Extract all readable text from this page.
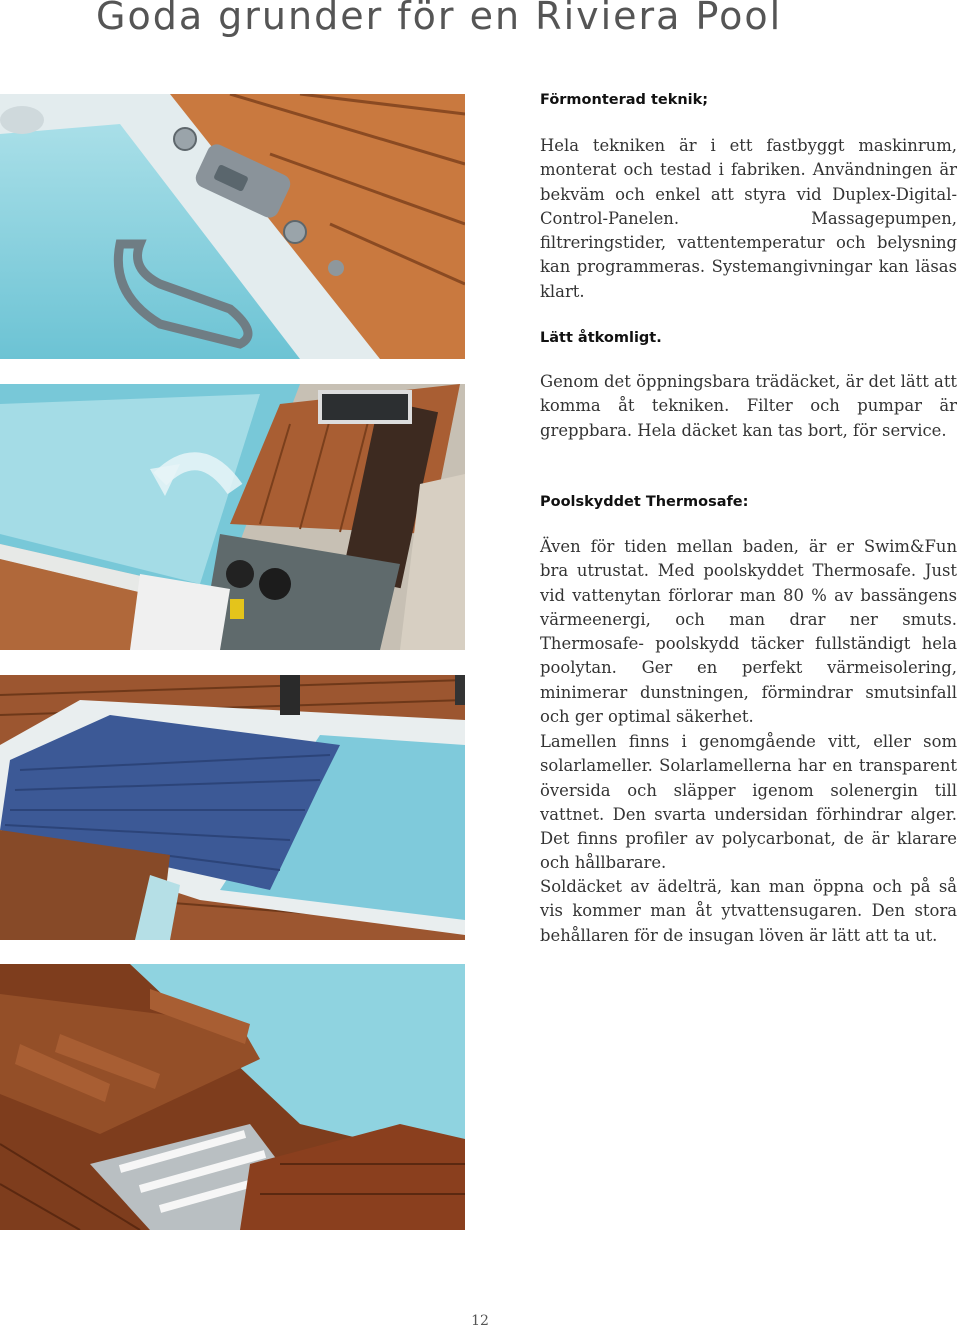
Goda grunder för en Riviera Pool
Förmonterad teknik;

Hela tekniken är i ett fastbyggt maskinrum, monterat och testad i fabriken. Användningen är bekväm och enkel att styra vid Duplex-Digital-Control-Panelen. Massagepumpen, filtreringstider, vattentemperatur och belysning kan programmeras. Systemangivningar kan läsas klart.

Lätt åtkomligt.

Genom det öppningsbara trädäcket, är det lätt att komma åt tekniken. Filter och pumpar är greppbara. Hela däcket kan tas bort, för service.

Poolskyddet Thermosafe:

Även för tiden mellan baden, är er Swim&Fun bra utrustat. Med poolskyddet Thermosafe. Just vid vattenytan förlorar man 80 % av bassängens värmeenergi, och man drar ner smuts. Thermosafe- poolskydd täcker fullständigt hela poolytan. Ger en perfekt värmeisolering, minimerar dunstningen, förmindrar smutsinfall och ger optimal säkerhet.

Lamellen finns i genomgående vitt, eller som solarlameller. Solarlamellerna har en transparent översida och släpper igenom solenergin till vattnet. Den svarta undersidan förhindrar alger. Det finns profiler av polycarbonat, de är klarare och hållbarare.

Soldäcket av ädelträ, kan man öppna och på så vis kommer man åt ytvattensugaren. Den stora behållaren för de insugan löven är lätt att ta ut.

12
